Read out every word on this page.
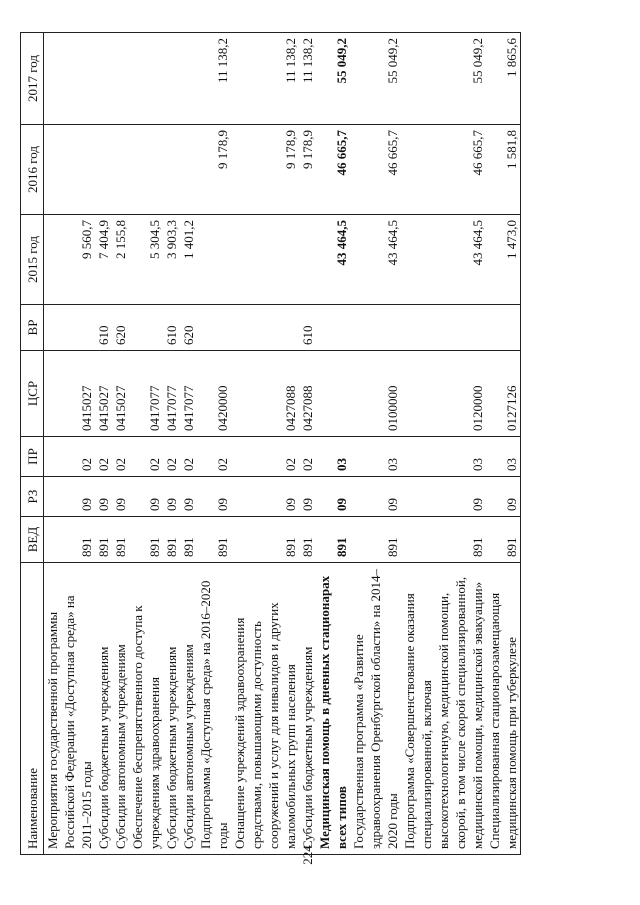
224
Наименование	ВЕД	РЗ	ПР	ЦСР	ВР	2015 год	2016 год	2017 год
Мероприятия государственной программы Российской Федерации «Доступная среда» на 2011–2015 годы	891	09	02	0415027		9 560,7		
Субсидии бюджетным учреждениям	891	09	02	0415027	610	7 404,9		
Субсидии автономным учреждениям	891	09	02	0415027	620	2 155,8		
Обеспечение беспрепятственного доступа к учреждениям здравоохранения	891	09	02	0417077		5 304,5		
Субсидии бюджетным учреждениям	891	09	02	0417077	610	3 903,3		
Субсидии автономным учреждениям	891	09	02	0417077	620	1 401,2		
Подпрограмма «Доступная среда» на 2016–2020 годы	891	09	02	0420000			9 178,9	11 138,2
Оснащение учреждений здравоохранения средствами, повышающими доступность сооружений и услуг для инвалидов и других маломобильных групп населения	891	09	02	0427088			9 178,9	11 138,2
Субсидии бюджетным учреждениям	891	09	02	0427088	610		9 178,9	11 138,2
Медицинская помощь в дневных стационарах всех типов	891	09	03			43 464,5	46 665,7	55 049,2
Государственная программа «Развитие здравоохранения Оренбургской области» на 2014–2020 годы	891	09	03	0100000		43 464,5	46 665,7	55 049,2
Подпрограмма «Совершенствование оказания специализированной, включая высокотехнологичную, медицинской помощи, скорой, в том числе скорой специализированной, медицинской помощи, медицинской эвакуации»	891	09	03	0120000		43 464,5	46 665,7	55 049,2
Специализированная стационарозамещающая медицинская помощь при туберкулезе	891	09	03	0127126		1 473,0	1 581,8	1 865,6
